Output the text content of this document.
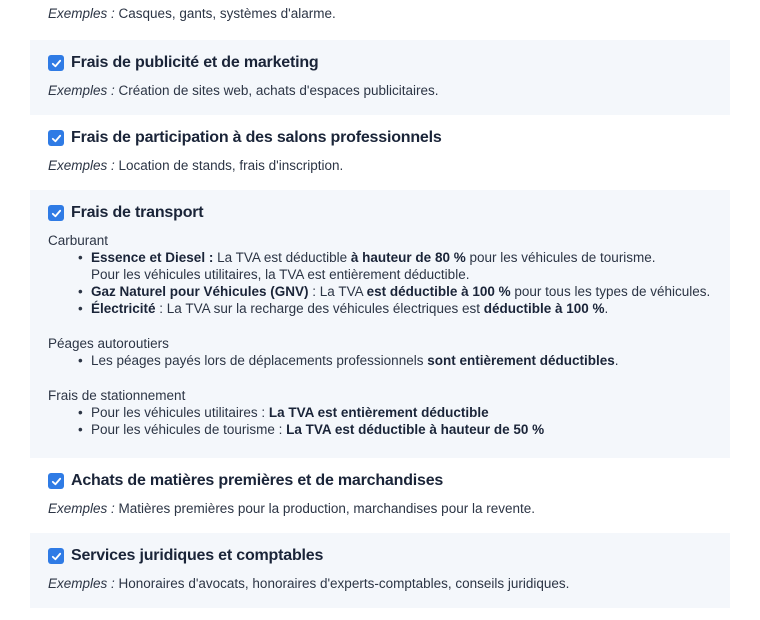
Exemples : Casques, gants, systèmes d'alarme.
Frais de publicité et de marketing
Exemples : Création de sites web, achats d'espaces publicitaires.
Frais de participation à des salons professionnels
Exemples : Location de stands, frais d'inscription.
Frais de transport
Carburant
• Essence et Diesel : La TVA est déductible à hauteur de 80 % pour les véhicules de tourisme.
Pour les véhicules utilitaires, la TVA est entièrement déductible.
• Gaz Naturel pour Véhicules (GNV) : La TVA est déductible à 100 % pour tous les types de véhicules.
• Électricité : La TVA sur la recharge des véhicules électriques est déductible à 100 %.
Péages autoroutiers
• Les péages payés lors de déplacements professionnels sont entièrement déductibles.
Frais de stationnement
• Pour les véhicules utilitaires : La TVA est entièrement déductible
• Pour les véhicules de tourisme : La TVA est déductible à hauteur de 50 %
Achats de matières premières et de marchandises
Exemples : Matières premières pour la production, marchandises pour la revente.
Services juridiques et comptables
Exemples : Honoraires d'avocats, honoraires d'experts-comptables, conseils juridiques.
